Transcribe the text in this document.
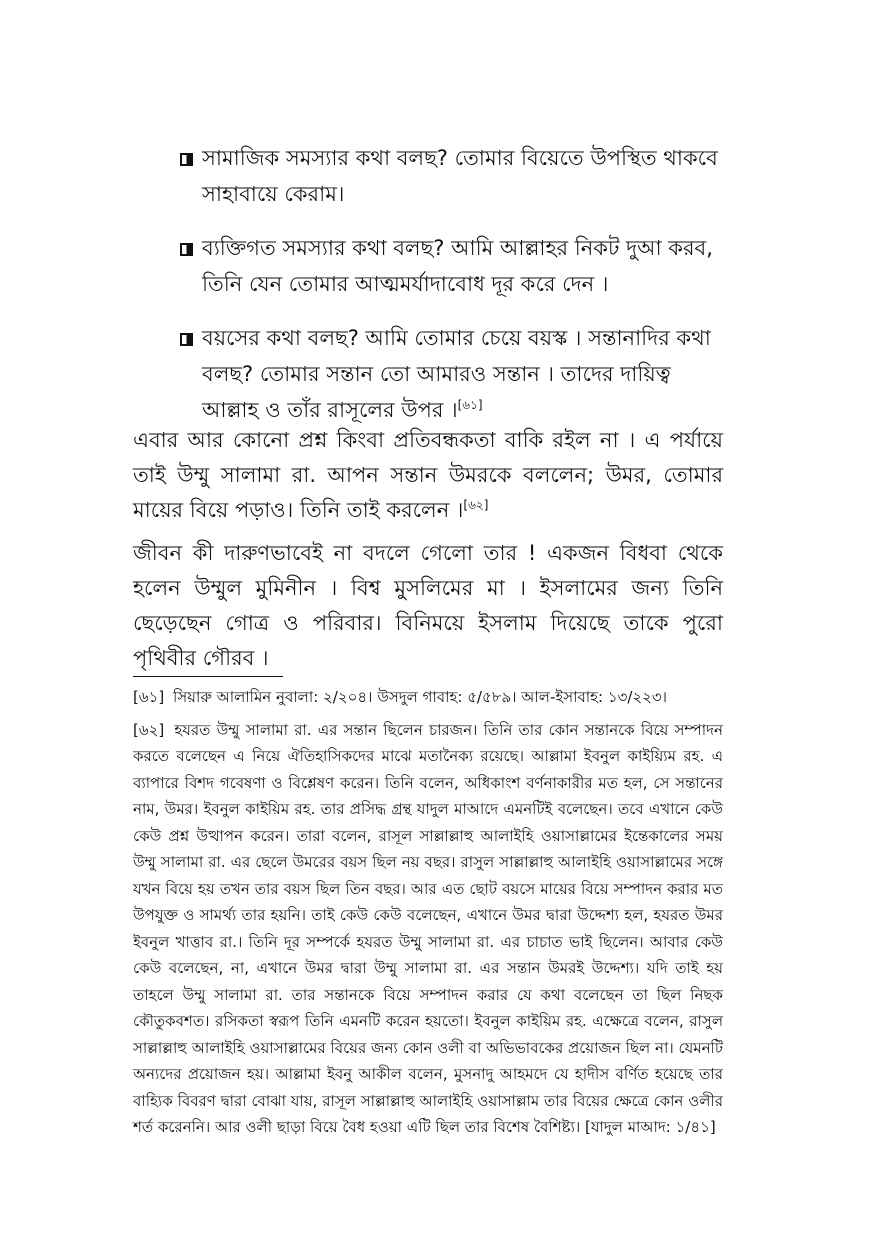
সামাজিক সমস্যার কথা বলছ? তোমার বিয়েতে উপস্থিত থাকবে সাহাবায়ে কেরাম।
ব্যক্তিগত সমস্যার কথা বলছ? আমি আল্লাহর নিকট দুআ করব, তিনি যেন তোমার আত্মমর্যাদাবোধ দূর করে দেন ।
বয়সের কথা বলছ? আমি তোমার চেয়ে বয়স্ক । সন্তানাদির কথা বলছ? তোমার সন্তান তো আমারও সন্তান । তাদের দায়িত্ব আল্লাহ ও তাঁর রাসূলের উপর ।[৬১]

এবার আর কোনো প্রশ্ন কিংবা প্রতিবন্ধকতা বাকি রইল না । এ পর্যায়ে তাই উম্মু সালামা রা. আপন সন্তান উমরকে বললেন; উমর, তোমার মায়ের বিয়ে পড়াও। তিনি তাই করলেন ।[৬২]

জীবন কী দারুণভাবেই না বদলে গেলো তার ! একজন বিধবা থেকে হলেন উম্মুল মুমিনীন । বিশ্ব মুসলিমের মা । ইসলামের জন্য তিনি ছেড়েছেন গোত্র ও পরিবার। বিনিময়ে ইসলাম দিয়েছে তাকে পুরো পৃথিবীর গৌরব ।

[৬১] সিয়ারু আলামিন নুবালা: ২/২০৪। উসদুল গাবাহ: ৫/৫৮৯। আল-ইসাবাহ: ১৩/২২৩।

[৬২] হযরত উম্মু সালামা রা. এর সন্তান ছিলেন চারজন। তিনি তার কোন সন্তানকে বিয়ে সম্পাদন করতে বলেছেন এ নিয়ে ঐতিহাসিকদের মাঝে মতানৈক্য রয়েছে। আল্লামা ইবনুল কাইয়্যিম রহ. এ ব্যাপারে বিশদ গবেষণা ও বিশ্লেষণ করেন। তিনি বলেন, অধিকাংশ বর্ণনাকারীর মত হল, সে সন্তানের নাম, উমর। ইবনুল কাইয়িম রহ. তার প্রসিদ্ধ গ্রন্থ যাদুল মাআদে এমনটিই বলেছেন। তবে এখানে কেউ কেউ প্রশ্ন উত্থাপন করেন। তারা বলেন, রাসূল সাল্লাল্লাহু আলাইহি ওয়াসাল্লামের ইন্তেকালের সময় উম্মু সালামা রা. এর ছেলে উমরের বয়স ছিল নয় বছর। রাসুল সাল্লাল্লাহু আলাইহি ওয়াসাল্লামের সঙ্গে যখন বিয়ে হয় তখন তার বয়স ছিল তিন বছর। আর এত ছোট বয়সে মায়ের বিয়ে সম্পাদন করার মত উপযুক্ত ও সামর্থ্য তার হয়নি। তাই কেউ কেউ বলেছেন, এখানে উমর দ্বারা উদ্দেশ্য হল, হযরত উমর ইবনুল খাত্তাব রা.। তিনি দূর সম্পর্কে হযরত উম্মু সালামা রা. এর চাচাত ভাই ছিলেন। আবার কেউ কেউ বলেছেন, না, এখানে উমর দ্বারা উম্মু সালামা রা. এর সন্তান উমরই উদ্দেশ্য। যদি তাই হয় তাহলে উম্মু সালামা রা. তার সন্তানকে বিয়ে সম্পাদন করার যে কথা বলেছেন তা ছিল নিছক কৌতুকবশত। রসিকতা স্বরূপ তিনি এমনটি করেন হয়তো। ইবনুল কাইয়িম রহ. এক্ষেত্রে বলেন, রাসুল সাল্লাল্লাহু আলাইহি ওয়াসাল্লামের বিয়ের জন্য কোন ওলী বা অভিভাবকের প্রয়োজন ছিল না। যেমনটি অন্যদের প্রয়োজন হয়। আল্লামা ইবনু আকীল বলেন, মুসনাদু আহমদে যে হাদীস বর্ণিত হয়েছে তার বাহ্যিক বিবরণ দ্বারা বোঝা যায়, রাসূল সাল্লাল্লাহু আলাইহি ওয়াসাল্লাম তার বিয়ের ক্ষেত্রে কোন ওলীর শর্ত করেননি। আর ওলী ছাড়া বিয়ে বৈধ হওয়া এটি ছিল তার বিশেষ বৈশিষ্ট্য। [যাদুল মাআদ: ১/৪১]
